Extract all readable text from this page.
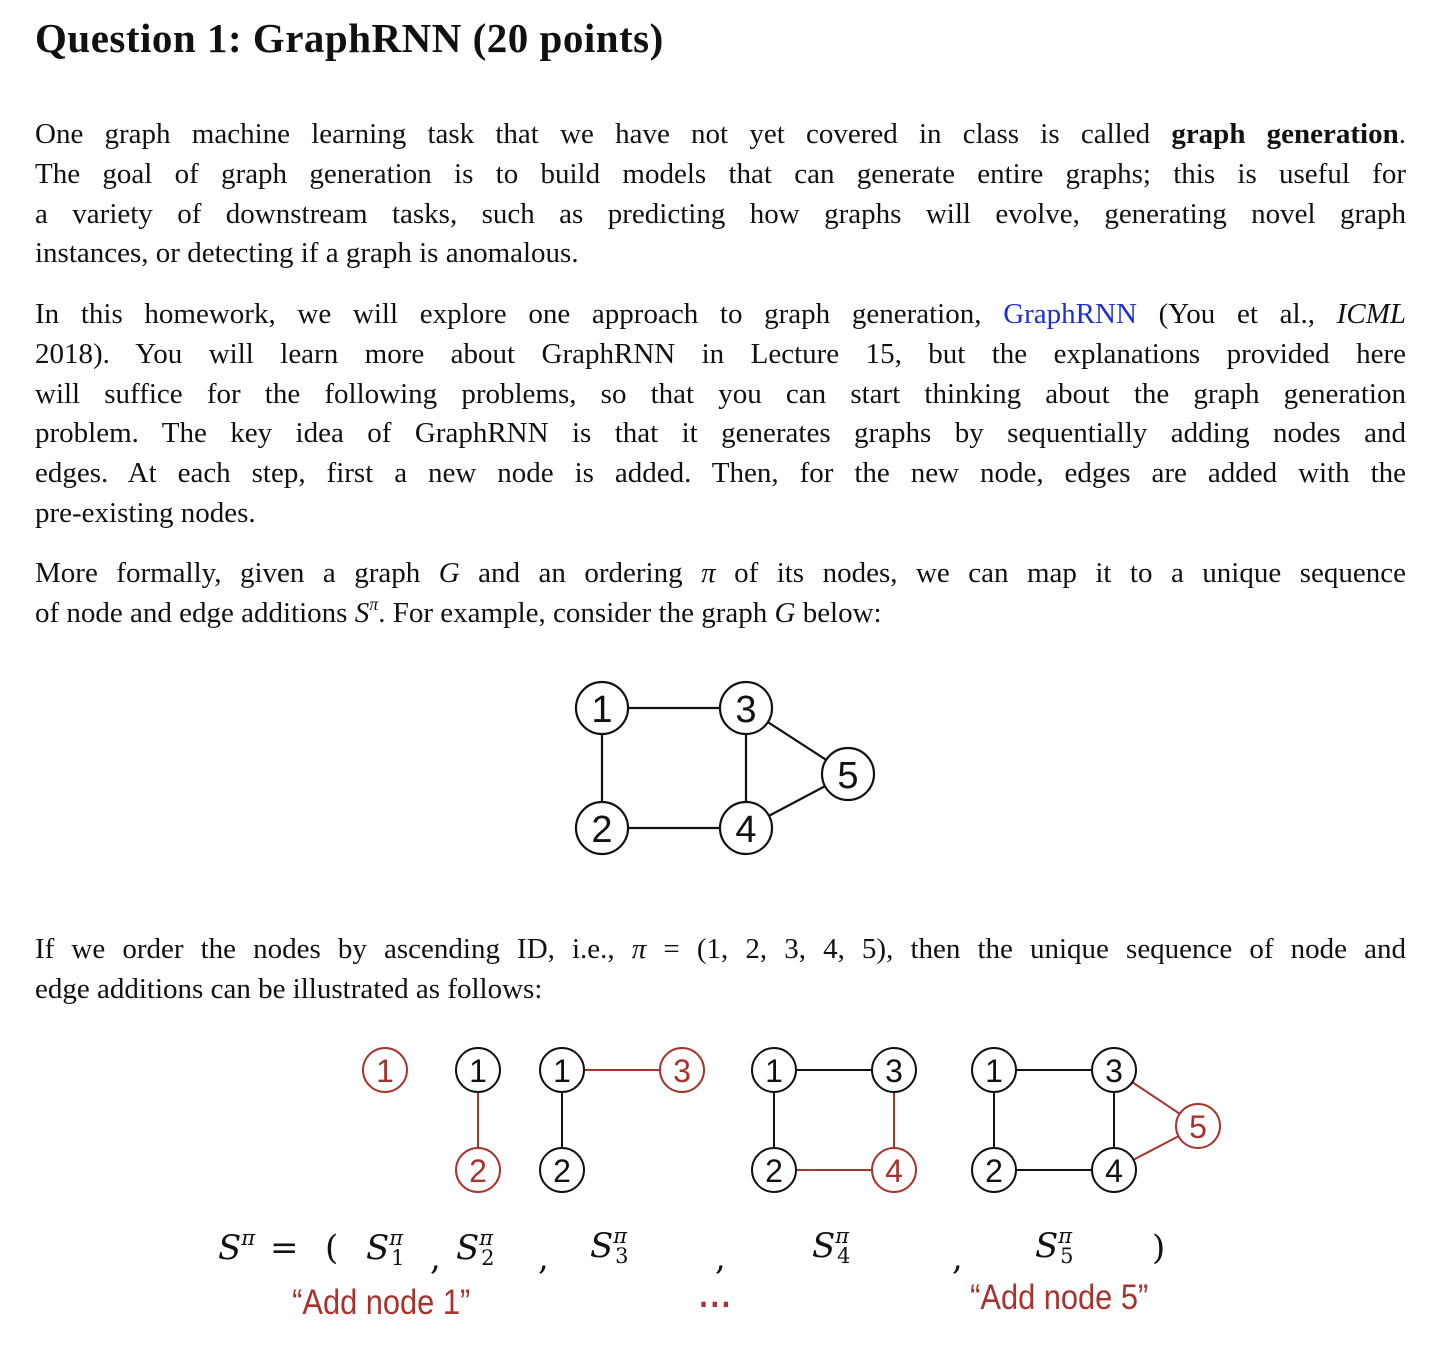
Question 1: GraphRNN (20 points)
One graph machine learning task that we have not yet covered in class is called graph generation.
The goal of graph generation is to build models that can generate entire graphs; this is useful for
a variety of downstream tasks, such as predicting how graphs will evolve, generating novel graph
instances, or detecting if a graph is anomalous.
In this homework, we will explore one approach to graph generation, GraphRNN (You et al., ICML
2018). You will learn more about GraphRNN in Lecture 15, but the explanations provided here
will suffice for the following problems, so that you can start thinking about the graph generation
problem. The key idea of GraphRNN is that it generates graphs by sequentially adding nodes and
edges. At each step, first a new node is added. Then, for the new node, edges are added with the
pre-existing nodes.
More formally, given a graph G and an ordering π of its nodes, we can map it to a unique sequence
of node and edge additions $S^\pi$. For example, consider the graph G below:
If we order the nodes by ascending ID, i.e., π = (1, 2, 3, 4, 5), then the unique sequence of node and
edge additions can be illustrated as follows:
1	3
5
2	4
1 1
2
1
2
3 1	3
2	4
1	3
2	4
5
$S^\pi$ = ( $S^\pi_1$ , $S^\pi_2$ , $S^\pi_3$	,	$S^\pi_4$	, $S^\pi_5$ )
“Add node 1”	...	“Add node 5”
